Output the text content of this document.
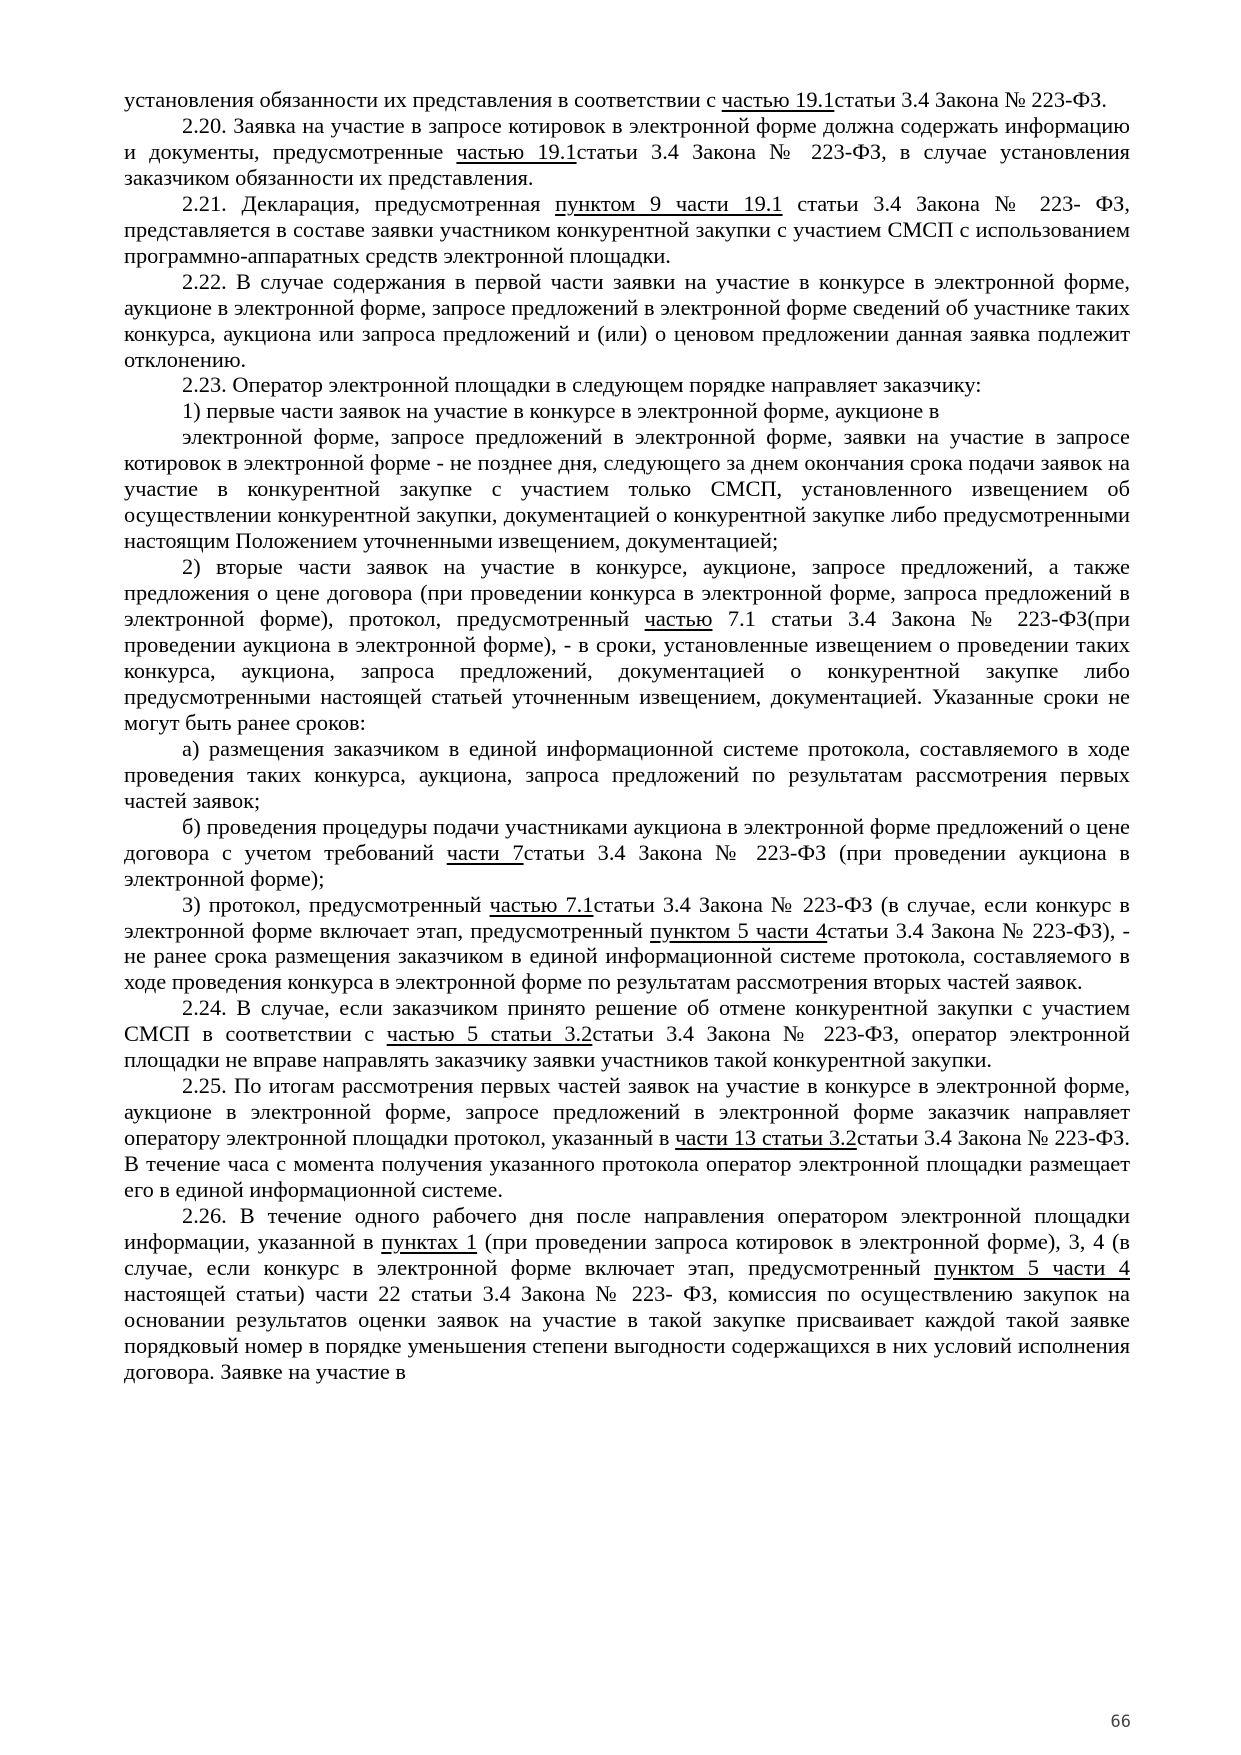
установления обязанности их представления в соответствии с частью 19.1статьи 3.4 Закона № 223-ФЗ.

2.20. Заявка на участие в запросе котировок в электронной форме должна содержать информацию и документы, предусмотренные частью 19.1статьи 3.4 Закона № 223-ФЗ, в случае установления заказчиком обязанности их представления.

2.21. Декларация, предусмотренная пунктом 9 части 19.1 статьи 3.4 Закона № 223- ФЗ, представляется в составе заявки участником конкурентной закупки с участием СМСП с использованием программно-аппаратных средств электронной площадки.

2.22. В случае содержания в первой части заявки на участие в конкурсе в электронной форме, аукционе в электронной форме, запросе предложений в электронной форме сведений об участнике таких конкурса, аукциона или запроса предложений и (или) о ценовом предложении данная заявка подлежит отклонению.

2.23. Оператор электронной площадки в следующем порядке направляет заказчику:

1) первые части заявок на участие в конкурсе в электронной форме, аукционе в

электронной форме, запросе предложений в электронной форме, заявки на участие в запросе котировок в электронной форме - не позднее дня, следующего за днем окончания срока подачи заявок на участие в конкурентной закупке с участием только СМСП, установленного извещением об осуществлении конкурентной закупки, документацией о конкурентной закупке либо предусмотренными настоящим Положением уточненными извещением, документацией;

2) вторые части заявок на участие в конкурсе, аукционе, запросе предложений, а также предложения о цене договора (при проведении конкурса в электронной форме, запроса предложений в электронной форме), протокол, предусмотренный частью 7.1 статьи 3.4 Закона № 223-ФЗ(при проведении аукциона в электронной форме), - в сроки, установленные извещением о проведении таких конкурса, аукциона, запроса предложений, документацией о конкурентной закупке либо предусмотренными настоящей статьей уточненным извещением, документацией. Указанные сроки не могут быть ранее сроков:

а) размещения заказчиком в единой информационной системе протокола, составляемого в ходе проведения таких конкурса, аукциона, запроса предложений по результатам рассмотрения первых частей заявок;

б) проведения процедуры подачи участниками аукциона в электронной форме предложений о цене договора с учетом требований части 7статьи 3.4 Закона № 223-ФЗ (при проведении аукциона в электронной форме);

3) протокол, предусмотренный частью 7.1статьи 3.4 Закона № 223-ФЗ (в случае, если конкурс в электронной форме включает этап, предусмотренный пунктом 5 части 4статьи 3.4 Закона № 223-ФЗ), - не ранее срока размещения заказчиком в единой информационной системе протокола, составляемого в ходе проведения конкурса в электронной форме по результатам рассмотрения вторых частей заявок.

2.24. В случае, если заказчиком принято решение об отмене конкурентной закупки с участием СМСП в соответствии с частью 5 статьи 3.2статьи 3.4 Закона № 223-ФЗ, оператор электронной площадки не вправе направлять заказчику заявки участников такой конкурентной закупки.

2.25. По итогам рассмотрения первых частей заявок на участие в конкурсе в электронной форме, аукционе в электронной форме, запросе предложений в электронной форме заказчик направляет оператору электронной площадки протокол, указанный в части 13 статьи 3.2статьи 3.4 Закона № 223-ФЗ. В течение часа с момента получения указанного протокола оператор электронной площадки размещает его в единой информационной системе.

2.26. В течение одного рабочего дня после направления оператором электронной площадки информации, указанной в пунктах 1 (при проведении запроса котировок в электронной форме), 3, 4 (в случае, если конкурс в электронной форме включает этап, предусмотренный пунктом 5 части 4 настоящей статьи) части 22 статьи 3.4 Закона № 223- ФЗ, комиссия по осуществлению закупок на основании результатов оценки заявок на участие в такой закупке присваивает каждой такой заявке порядковый номер в порядке уменьшения степени выгодности содержащихся в них условий исполнения договора. Заявке на участие в

66
